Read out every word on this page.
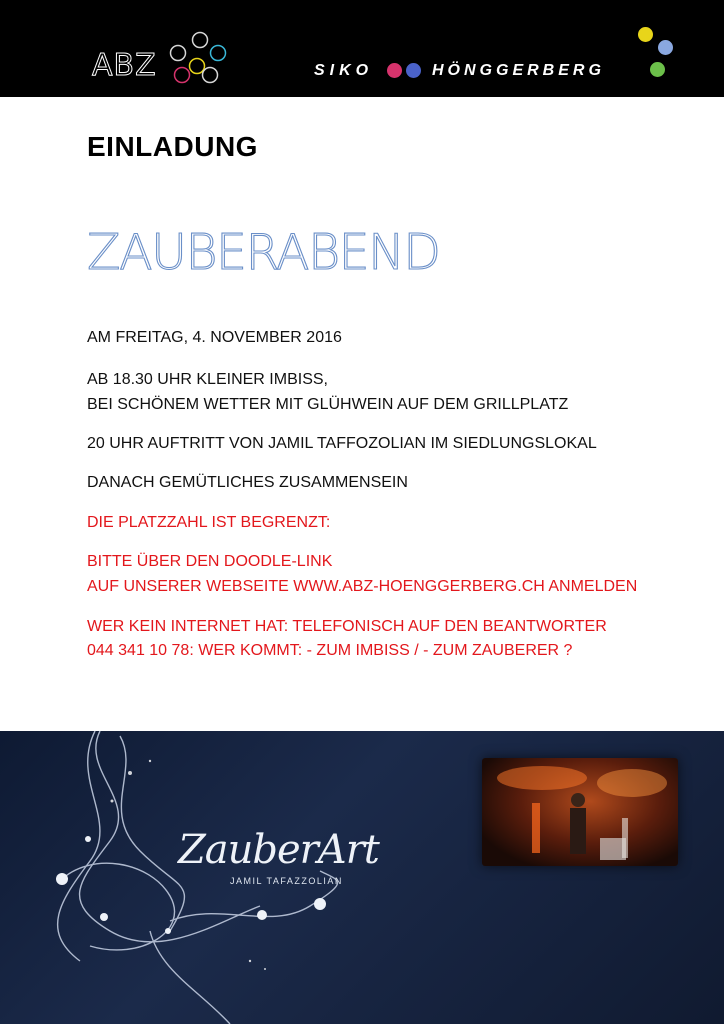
ABZ	SIKO	HÖNGGERBERG
EINLADUNG
ZAUBERABEND
AM FREITAG, 4. NOVEMBER 2016
AB 18.30 UHR KLEINER IMBISS,
BEI SCHÖNEM WETTER MIT GLÜHWEIN AUF DEM GRILLPLATZ
20 UHR AUFTRITT VON JAMIL TAFFOZOLIAN IM SIEDLUNGSLOKAL
DANACH GEMÜTLICHES ZUSAMMENSEIN
DIE PLATZZAHL IST BEGRENZT:
BITTE ÜBER DEN DOODLE-LINK
AUF UNSERER WEBSEITE WWW.ABZ-HOENGGERBERG.CH ANMELDEN
WER KEIN INTERNET HAT: TELEFONISCH AUF DEN BEANTWORTER
044 341 10 78: WER KOMMT: - ZUM IMBISS / - ZUM ZAUBERER ?
ZauberArt
JAMIL TAFAZZOLIAN
